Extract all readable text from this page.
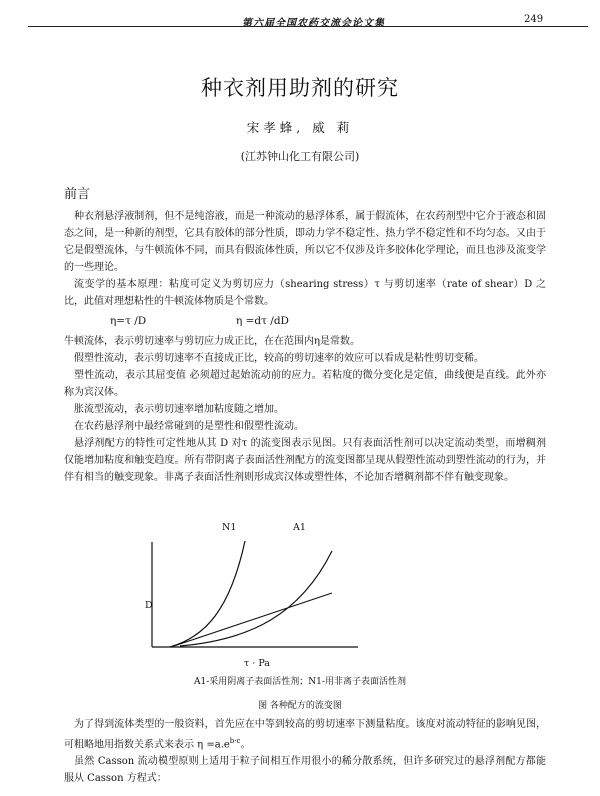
第六届全国农药交流会论文集	249
种衣剂用助剂的研究
宋孝蜂, 威 莉
(江苏钟山化工有限公司)
前言

种衣剂悬浮液制剂，但不是纯溶液，而是一种流动的悬浮体系，属于假流体，在农药剂型中它介于液态和固态之间，是一种新的剂型，它具有胶体的部分性质，即动力学不稳定性、热力学不稳定性和不均匀态。又由于它是假塑流体，与牛顿流体不同，而具有假流体性质，所以它不仅涉及许多胶体化学理论，而且也涉及流变学的一些理论。

流变学的基本原理：粘度可定义为剪切应力（shearing stress）τ 与剪切速率（rate of shear）D 之比，此值对理想粘性的牛顿流体物质是个常数。

η=τ /D	η =dτ /dD

牛顿流体，表示剪切速率与剪切应力成正比，在在范围内η是常数。

假塑性流动，表示剪切速率不直接成正比，较高的剪切速率的效应可以看成是粘性剪切变稀。

塑性流动，表示其屈变值 必须超过起始流动前的应力。若粘度的微分变化是定值，曲线便是直线。此外亦称为宾汉体。

胀流型流动，表示剪切速率增加粘度随之增加。

在农药悬浮剂中最经常碰到的是塑性和假塑性流动。

悬浮剂配方的特性可定性地从其 D 对τ 的流变图表示见图。只有表面活性剂可以决定流动类型，而增稠剂仅能增加粘度和触变趋度。所有带阴离子表面活性剂配方的流变图都呈现从假塑性流动到塑性流动的行为，并伴有相当的触变现象。非离子表面活性剂则形成宾汉体或塑性体，不论加否增稠剂都不伴有触变现象。

N1	A1
D
τ · Pa
A1-采用阴离子表面活性剂；N1-用非离子表面活性剂
图 各种配方的流变图

为了得到流体类型的一般资料，首先应在中等到较高的剪切速率下测量粘度。该度对流动特征的影响见图，可粗略地用指数关系式来表示 $\eta =a.e^{b\cdot c}$。

虽然 Casson 流动模型原则上适用于粒子间相互作用很小的稀分散系统，但许多研究过的悬浮剂配方都能服从 Casson 方程式：
